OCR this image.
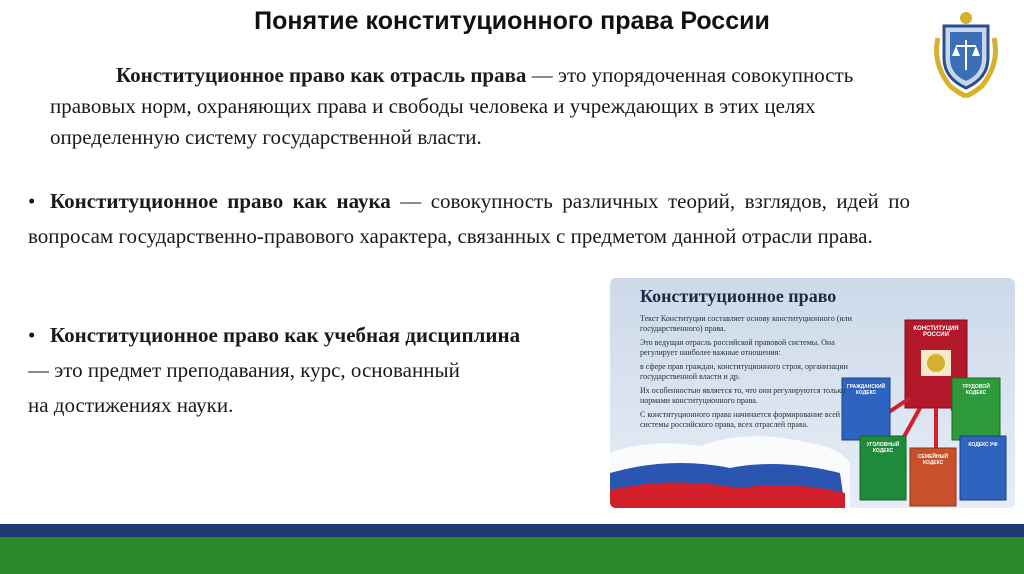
Понятие конституционного права России
Конституционное право как отрасль права — это упорядоченная совокупность правовых норм, охраняющих права и свободы человека и учреждающих в этих целях определенную систему государственной власти.
• Конституционное право как наука — совокупность различных теорий, взглядов, идей по вопросам государственно-правового характера, связанных с предметом данной отрасли права.
• Конституционное право как учебная дисциплина
— это предмет преподавания, курс, основанный
на достижениях науки.
Конституционное право

Текст Конституции составляет основу конституционного (или государственного) права.

Это ведущая отрасль российской правовой системы. Она регулирует наиболее важные отношения:

в сфере прав граждан, конституционного строя, организации государственной власти и др.

Их особенностью является то, что они регулируются только нормами конституционного права.

С конституционного права начинается формирование всей системы российского права, всех отраслей права.

КОНСТИТУЦИЯ РОССИИ
ГРАЖДАНСКИЙ КОДЕКС
ТРУДОВОЙ КОДЕКС
УГОЛОВНЫЙ КОДЕКС
СЕМЕЙНЫЙ КОДЕКС
КОДЕКС РФ
